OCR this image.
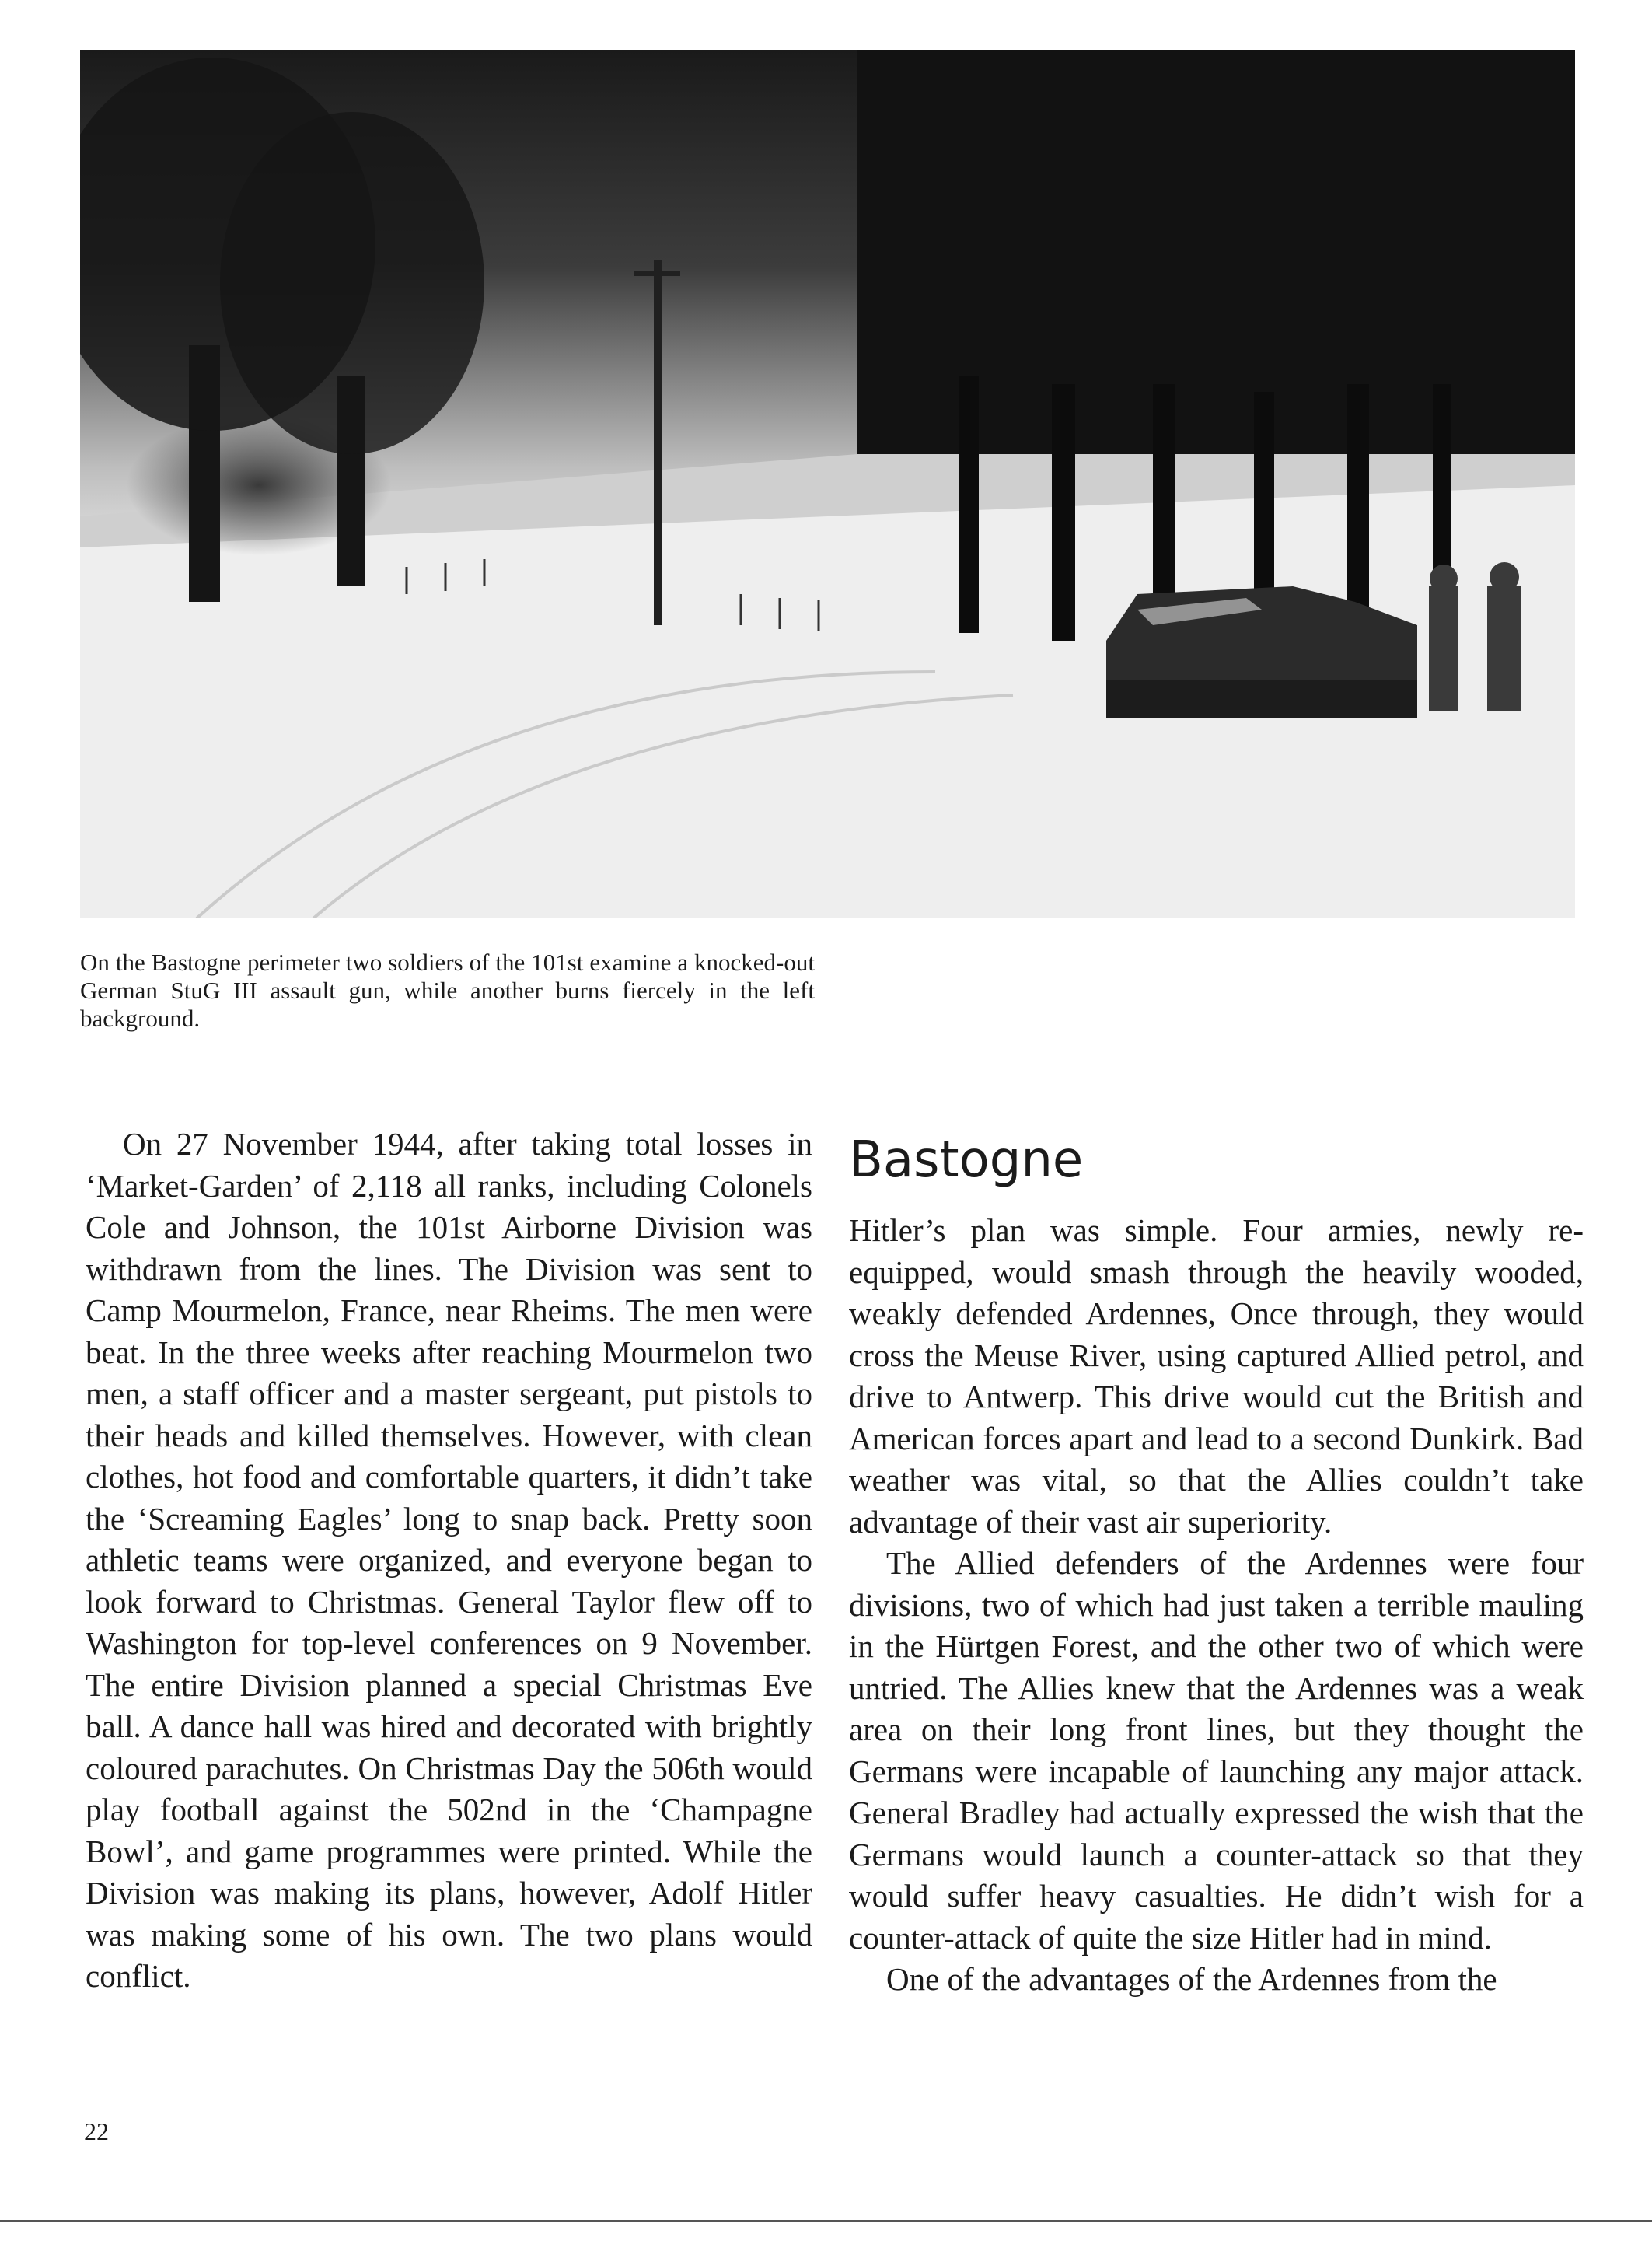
On the Bastogne perimeter two soldiers of the 101st examine a knocked-out German StuG III assault gun, while another burns fiercely in the left background.

On 27 November 1944, after taking total losses in ‘Market-Garden’ of 2,118 all ranks, including Colonels Cole and Johnson, the 101st Airborne Division was withdrawn from the lines. The Division was sent to Camp Mourmelon, France, near Rheims. The men were beat. In the three weeks after reaching Mourmelon two men, a staff officer and a master sergeant, put pistols to their heads and killed themselves. However, with clean clothes, hot food and comfortable quarters, it didn’t take the ‘Screaming Eagles’ long to snap back. Pretty soon athletic teams were organized, and everyone began to look forward to Christmas. General Taylor flew off to Washington for top-level conferences on 9 November. The entire Division planned a special Christmas Eve ball. A dance hall was hired and decorated with brightly coloured parachutes. On Christmas Day the 506th would play football against the 502nd in the ‘Champagne Bowl’, and game programmes were printed. While the Division was making its plans, however, Adolf Hitler was making some of his own. The two plans would conflict.

Bastogne

Hitler’s plan was simple. Four armies, newly re-equipped, would smash through the heavily wooded, weakly defended Ardennes, Once through, they would cross the Meuse River, using captured Allied petrol, and drive to Antwerp. This drive would cut the British and American forces apart and lead to a second Dunkirk. Bad weather was vital, so that the Allies couldn’t take advantage of their vast air superiority.

The Allied defenders of the Ardennes were four divisions, two of which had just taken a terrible mauling in the Hürtgen Forest, and the other two of which were untried. The Allies knew that the Ardennes was a weak area on their long front lines, but they thought the Germans were incapable of launching any major attack. General Bradley had actually expressed the wish that the Germans would launch a counter-attack so that they would suffer heavy casualties. He didn’t wish for a counter-attack of quite the size Hitler had in mind.

One of the advantages of the Ardennes from the

22
